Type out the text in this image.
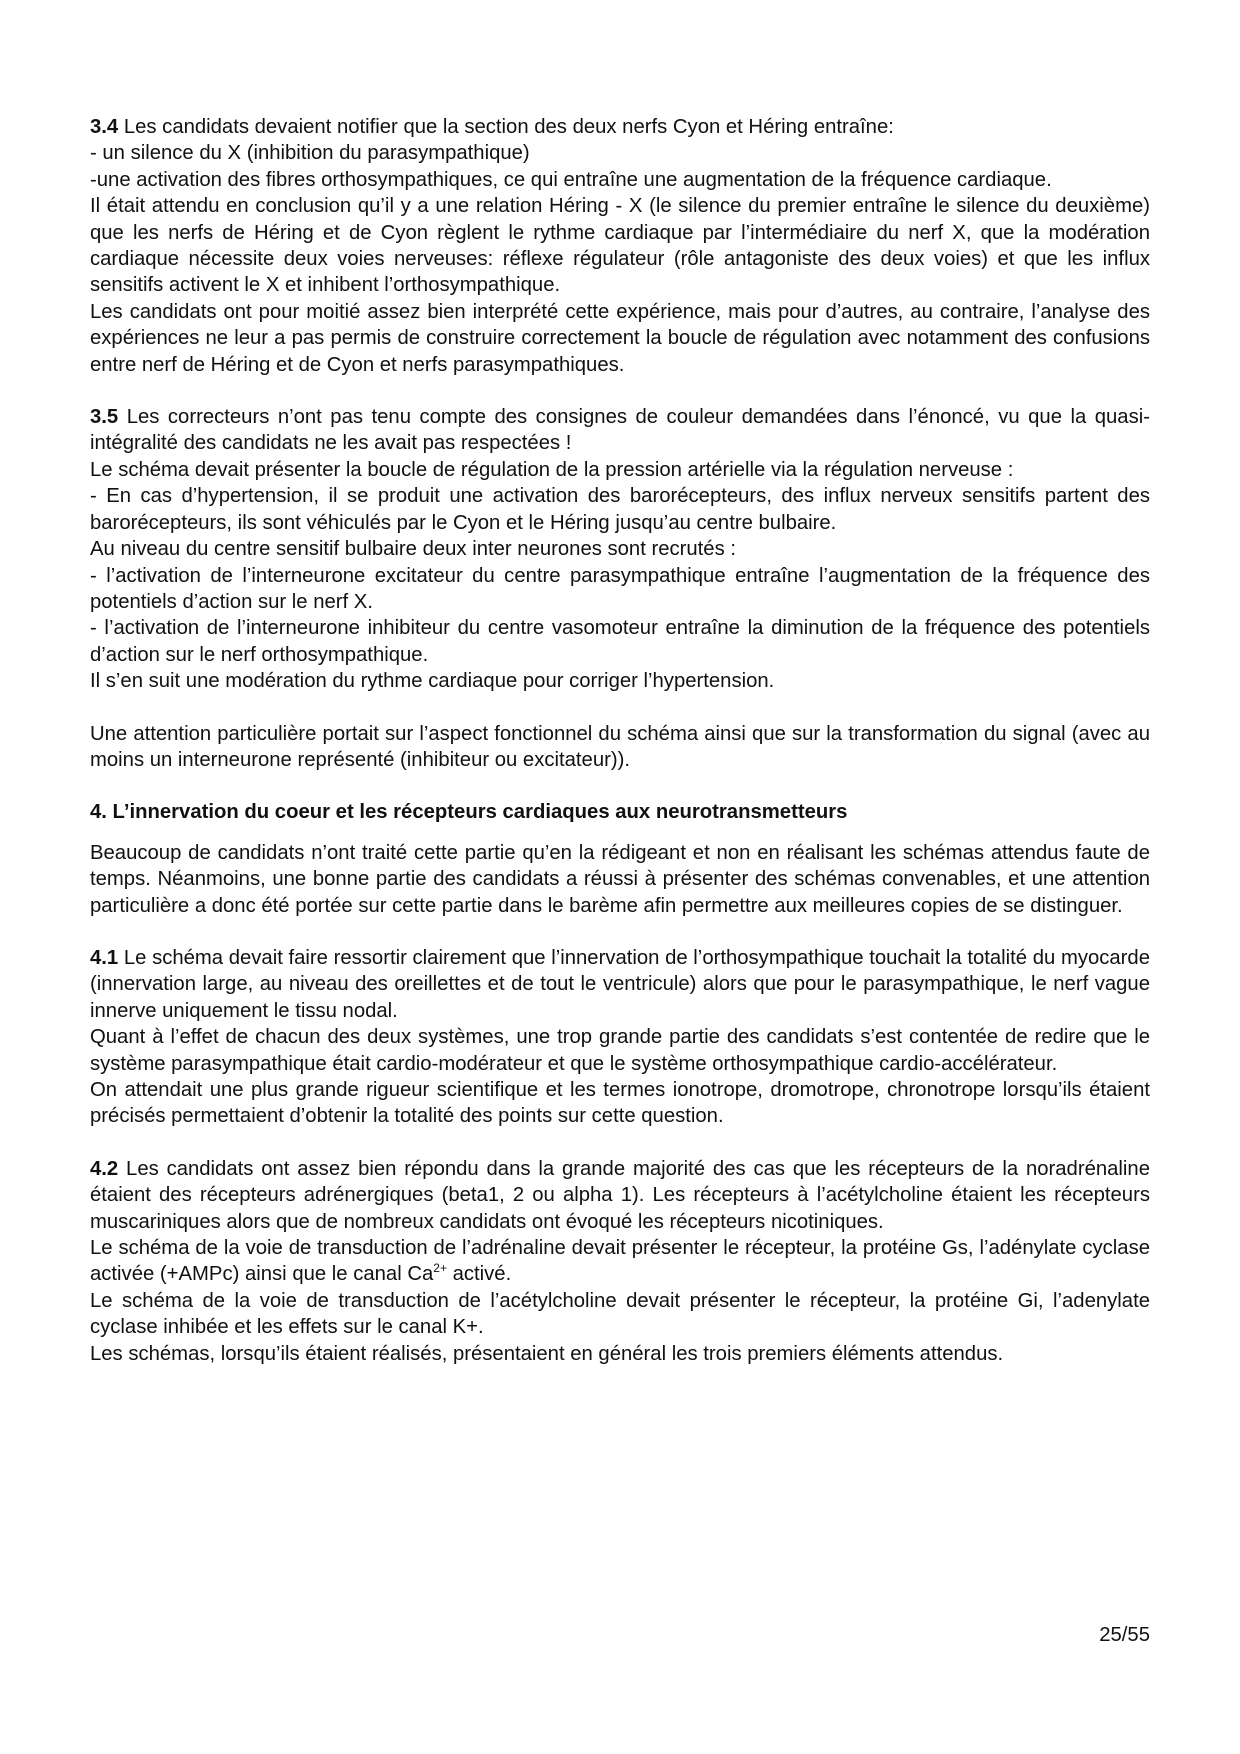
3.4 Les candidats devaient notifier que la section des deux nerfs Cyon et Héring entraîne:

- un silence du X (inhibition du parasympathique)

-une activation des fibres orthosympathiques, ce qui entraîne une augmentation de la fréquence cardiaque.

Il était attendu en conclusion qu’il y a une relation Héring - X (le silence du premier entraîne le silence du deuxième) que les nerfs de Héring et de Cyon règlent le rythme cardiaque par l’intermédiaire du nerf X, que la modération cardiaque nécessite deux voies nerveuses: réflexe régulateur (rôle antagoniste des deux voies) et que les influx sensitifs activent le X et inhibent l’orthosympathique.

Les candidats ont pour moitié assez bien interprété cette expérience, mais pour d’autres, au contraire, l’analyse des expériences ne leur a pas permis de construire correctement la boucle de régulation avec notamment des confusions entre nerf de Héring et de Cyon et nerfs parasympathiques.

3.5 Les correcteurs n’ont pas tenu compte des consignes de couleur demandées dans l’énoncé, vu que la quasi-intégralité des candidats ne les avait pas respectées !

Le schéma devait présenter la boucle de régulation de la pression artérielle via la régulation nerveuse :

- En cas d’hypertension, il se produit une activation des barorécepteurs, des influx nerveux sensitifs partent des barorécepteurs, ils sont véhiculés par le Cyon et le Héring jusqu’au centre bulbaire.

Au niveau du centre sensitif bulbaire deux inter neurones sont recrutés :

- l’activation de l’interneurone excitateur du centre parasympathique entraîne l’augmentation de la fréquence des potentiels d’action sur le nerf X.

- l’activation de l’interneurone inhibiteur du centre vasomoteur entraîne la diminution de la fréquence des potentiels d’action sur le nerf orthosympathique.

Il s’en suit une modération du rythme cardiaque pour corriger l’hypertension.

Une attention particulière portait sur l’aspect fonctionnel du schéma ainsi que sur la transformation du signal (avec au moins un interneurone représenté (inhibiteur ou excitateur)).

4. L’innervation du coeur et les récepteurs cardiaques aux neurotransmetteurs

Beaucoup de candidats n’ont traité cette partie qu’en la rédigeant et non en réalisant les schémas attendus faute de temps. Néanmoins, une bonne partie des candidats a réussi à présenter des schémas convenables, et une attention particulière a donc été portée sur cette partie dans le barème afin permettre aux meilleures copies de se distinguer.

4.1 Le schéma devait faire ressortir clairement que l’innervation de l’orthosympathique touchait la totalité du myocarde (innervation large, au niveau des oreillettes et de tout le ventricule) alors que pour le parasympathique, le nerf vague innerve uniquement le tissu nodal.

Quant à l’effet de chacun des deux systèmes, une trop grande partie des candidats s’est contentée de redire que le système parasympathique était cardio-modérateur et que le système orthosympathique cardio-accélérateur.

On attendait une plus grande rigueur scientifique et les termes ionotrope, dromotrope, chronotrope lorsqu’ils étaient précisés permettaient d’obtenir la totalité des points sur cette question.

4.2 Les candidats ont assez bien répondu dans la grande majorité des cas que les récepteurs de la noradrénaline étaient des récepteurs adrénergiques (beta1, 2 ou alpha 1). Les récepteurs à l’acétylcholine étaient les récepteurs muscariniques alors que de nombreux candidats ont évoqué les récepteurs nicotiniques.

Le schéma de la voie de transduction de l’adrénaline devait présenter le récepteur, la protéine Gs, l’adénylate cyclase activée (+AMPc) ainsi que le canal $Ca^{2+}$ activé.

Le schéma de la voie de transduction de l’acétylcholine devait présenter le récepteur, la protéine Gi, l’adenylate cyclase inhibée et les effets sur le canal K+.

Les schémas, lorsqu’ils étaient réalisés, présentaient en général les trois premiers éléments attendus.

25/55
